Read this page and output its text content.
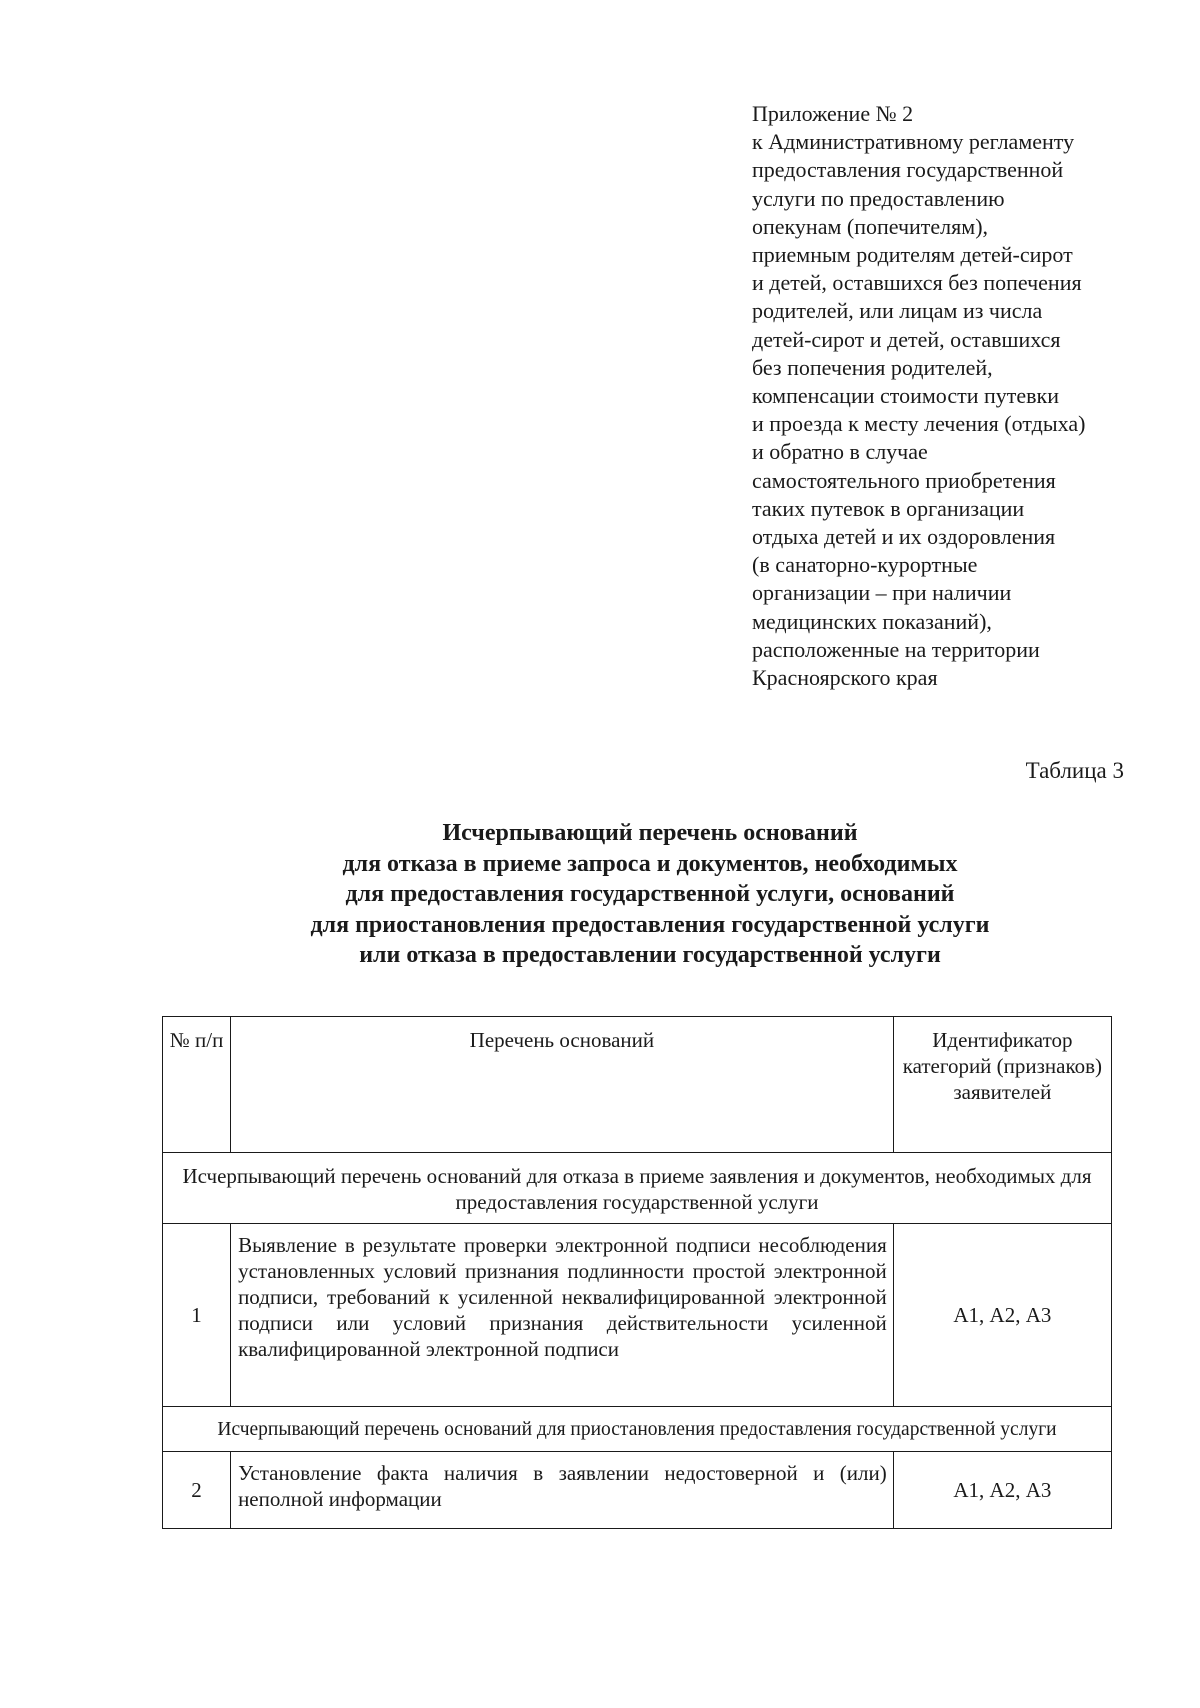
Приложение № 2
к Административному регламенту
предоставления государственной
услуги по предоставлению
опекунам (попечителям),
приемным родителям детей-сирот
и детей, оставшихся без попечения
родителей, или лицам из числа
детей-сирот и детей, оставшихся
без попечения родителей,
компенсации стоимости путевки
и проезда к месту лечения (отдыха)
и обратно в случае
самостоятельного приобретения
таких путевок в организации
отдыха детей и их оздоровления
(в санаторно-курортные
организации – при наличии
медицинских показаний),
расположенные на территории
Красноярского края
Таблица 3
Исчерпывающий перечень оснований
для отказа в приеме запроса и документов, необходимых
для предоставления государственной услуги, оснований
для приостановления предоставления государственной услуги
или отказа в предоставлении государственной услуги
№ п/п	Перечень оснований	Идентификатор категорий (признаков) заявителей
Исчерпывающий перечень оснований для отказа в приеме заявления и документов, необходимых для предоставления государственной услуги		
1	Выявление в результате проверки электронной подписи несоблюдения установленных условий признания подлинности простой электронной подписи, требований к усиленной неквалифицированной электронной подписи или условий признания действительности усиленной квалифицированной электронной подписи	А1, А2, А3
Исчерпывающий перечень оснований для приостановления предоставления государственной услуги		
2	Установление факта наличия в заявлении недостоверной и (или) неполной информации	А1, А2, А3
